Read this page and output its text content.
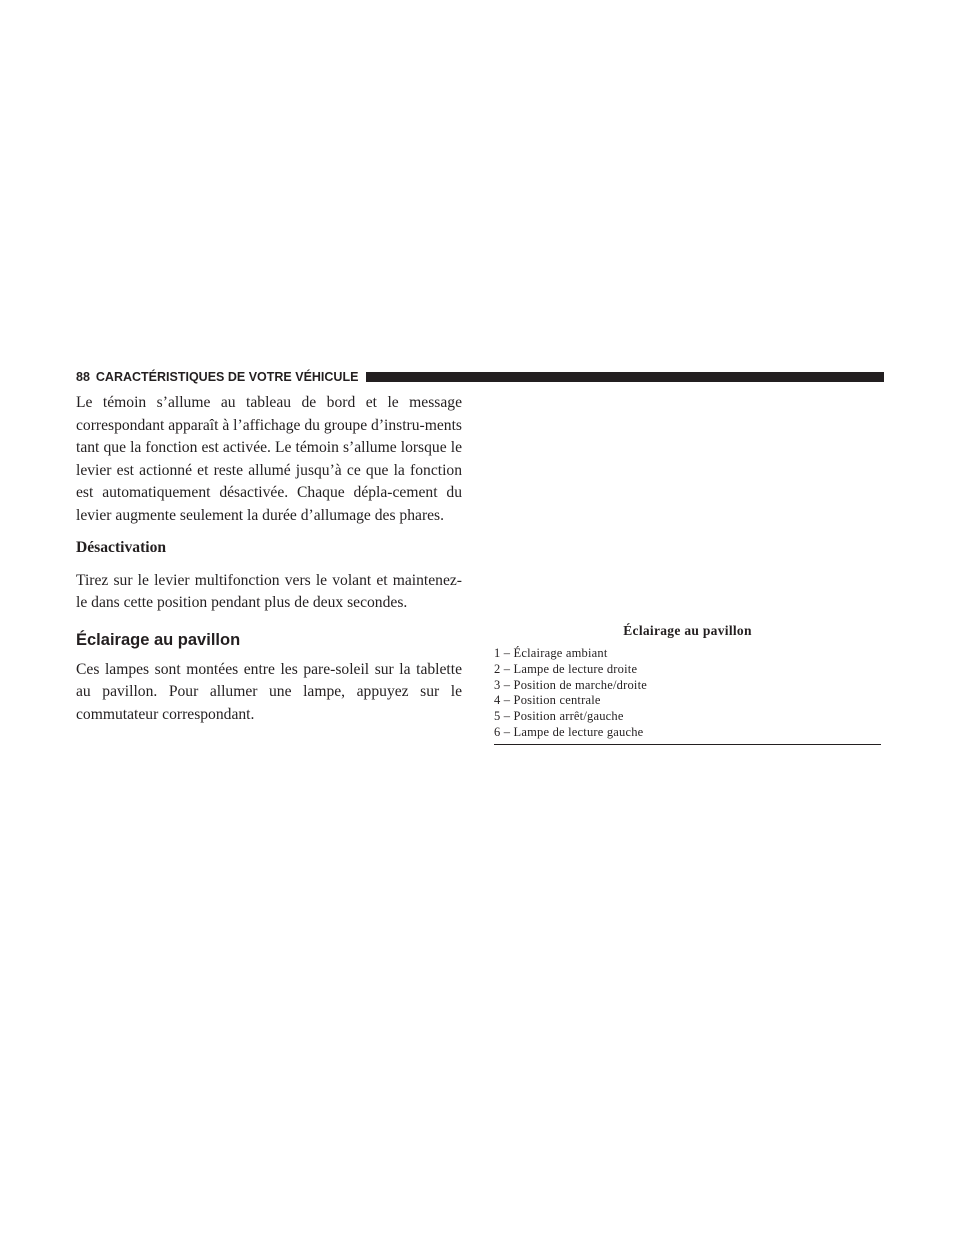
88 CARACTÉRISTIQUES DE VOTRE VÉHICULE

Le témoin s’allume au tableau de bord et le message correspondant apparaît à l’affichage du groupe d’instru-ments tant que la fonction est activée. Le témoin s’allume lorsque le levier est actionné et reste allumé jusqu’à ce que la fonction est automatiquement désactivée. Chaque dépla-cement du levier augmente seulement la durée d’allumage des phares.

Désactivation

Tirez sur le levier multifonction vers le volant et maintenez-le dans cette position pendant plus de deux secondes.

Éclairage au pavillon

Ces lampes sont montées entre les pare-soleil sur la tablette au pavillon. Pour allumer une lampe, appuyez sur le commutateur correspondant.

Éclairage au pavillon
1 – Éclairage ambiant
2 – Lampe de lecture droite
3 – Position de marche/droite
4 – Position centrale
5 – Position arrêt/gauche
6 – Lampe de lecture gauche
